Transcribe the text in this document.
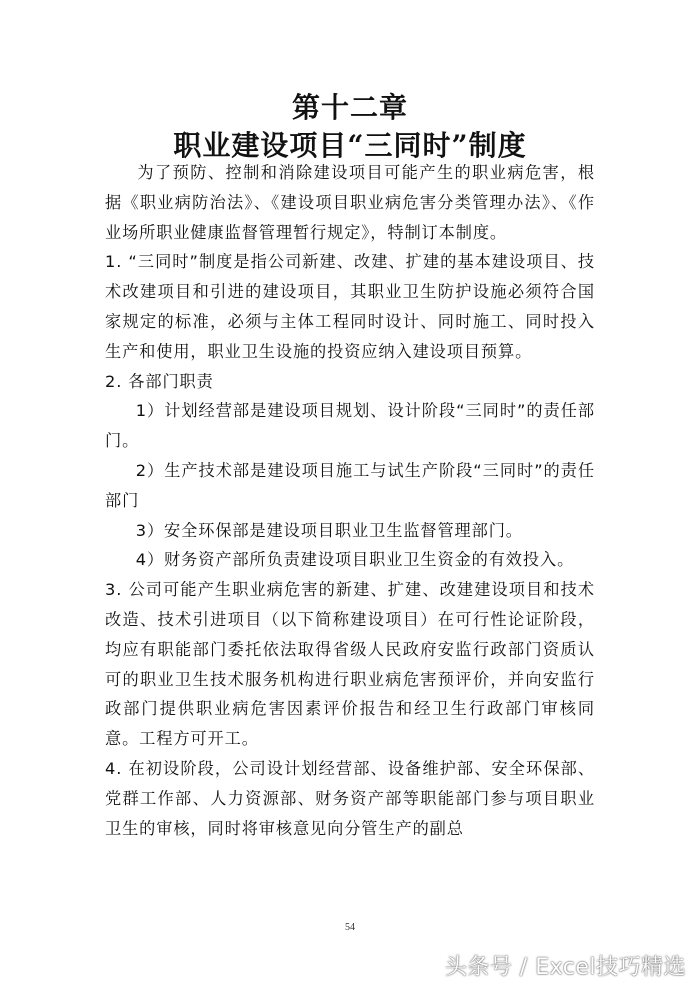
第十二章
职业建设项目“三同时”制度

为了预防、控制和消除建设项目可能产生的职业病危害，根据《职业病防治法》、《建设项目职业病危害分类管理办法》、《作业场所职业健康监督管理暂行规定》，特制订本制度。

1. “三同时”制度是指公司新建、改建、扩建的基本建设项目、技术改建项目和引进的建设项目，其职业卫生防护设施必须符合国家规定的标准，必须与主体工程同时设计、同时施工、同时投入生产和使用，职业卫生设施的投资应纳入建设项目预算。

2. 各部门职责

1）计划经营部是建设项目规划、设计阶段“三同时”的责任部门。

2）生产技术部是建设项目施工与试生产阶段“三同时”的责任部门

3）安全环保部是建设项目职业卫生监督管理部门。

4）财务资产部所负责建设项目职业卫生资金的有效投入。

3. 公司可能产生职业病危害的新建、扩建、改建建设项目和技术改造、技术引进项目（以下简称建设项目）在可行性论证阶段，均应有职能部门委托依法取得省级人民政府安监行政部门资质认可的职业卫生技术服务机构进行职业病危害预评价，并向安监行政部门提供职业病危害因素评价报告和经卫生行政部门审核同意。工程方可开工。

4. 在初设阶段，公司设计划经营部、设备维护部、安全环保部、党群工作部、人力资源部、财务资产部等职能部门参与项目职业卫生的审核，同时将审核意见向分管生产的副总

54
头条号 / Excel技巧精选
